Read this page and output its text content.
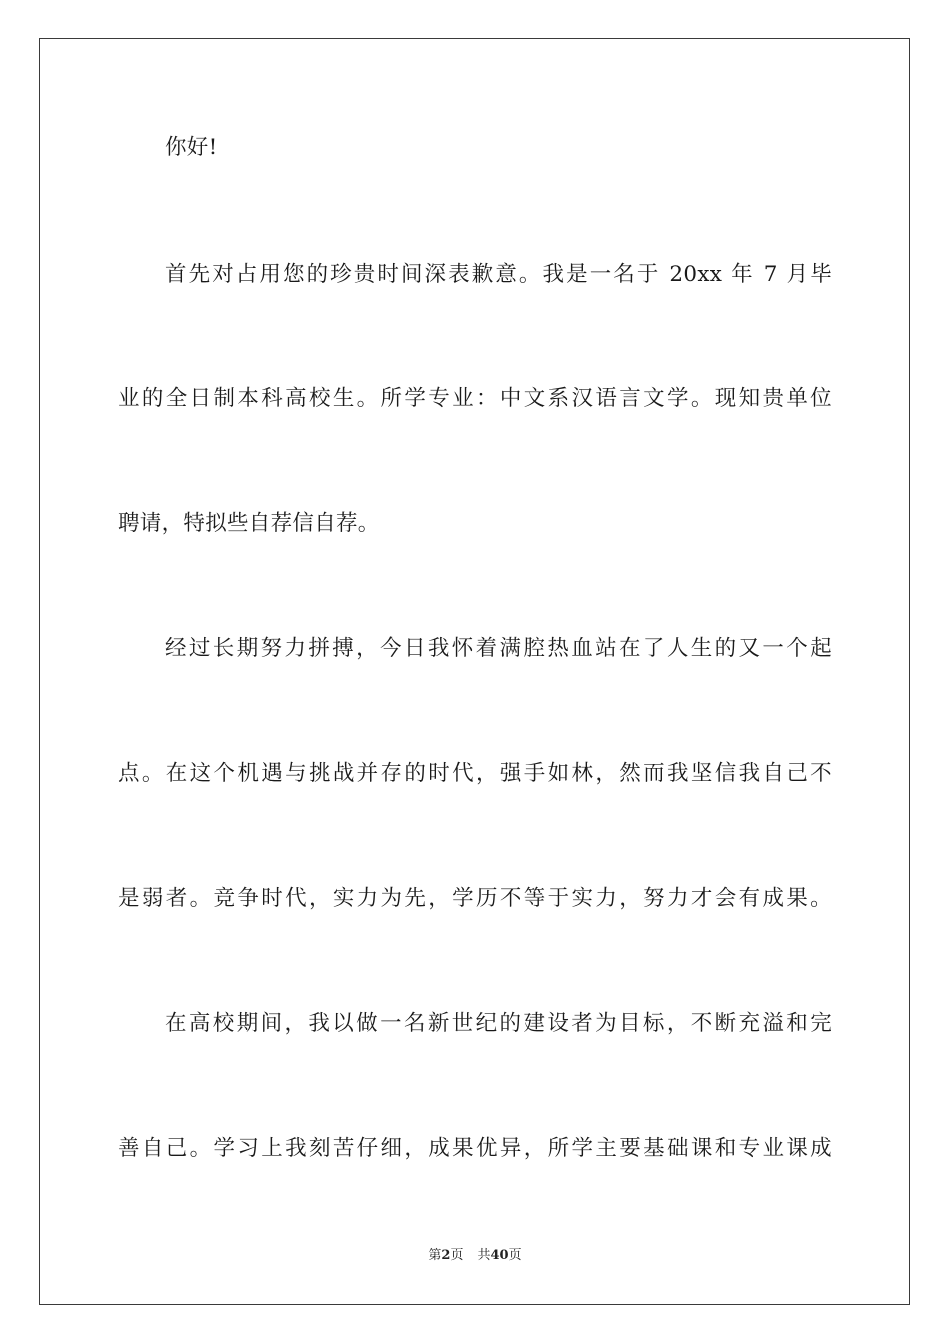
你好!
首先对占用您的珍贵时间深表歉意。我是一名于 20xx 年 7 月毕
业的全日制本科高校生。所学专业：中文系汉语言文学。现知贵单位
聘请，特拟些自荐信自荐。
经过长期努力拼搏，今日我怀着满腔热血站在了人生的又一个起
点。在这个机遇与挑战并存的时代，强手如林，然而我坚信我自己不
是弱者。竞争时代，实力为先，学历不等于实力，努力才会有成果。
在高校期间，我以做一名新世纪的建设者为目标，不断充溢和完
善自己。学习上我刻苦仔细，成果优异，所学主要基础课和专业课成
第2页 共40页
